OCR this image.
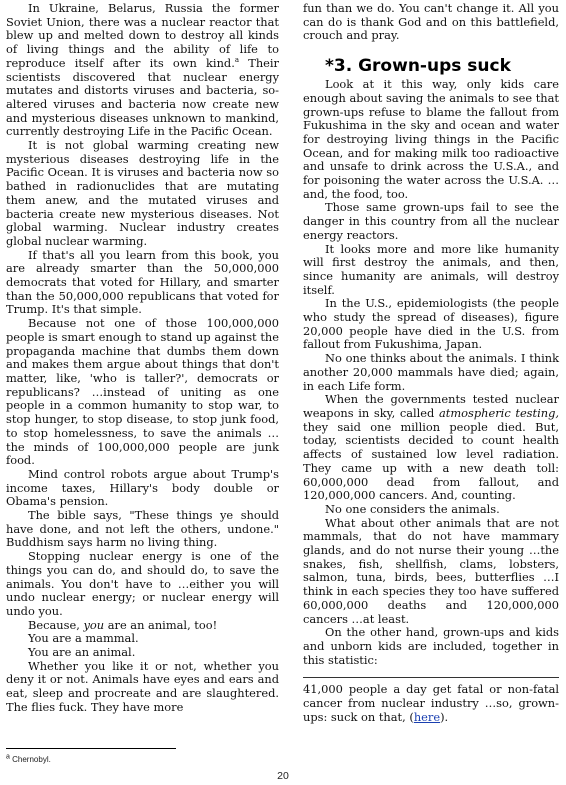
In Ukraine, Belarus, Russia the former Soviet Union, there was a nuclear reactor that blew up and melted down to destroy all kinds of living things and the ability of life to reproduce itself after its own kind.$^a$ Their scientists discovered that nuclear energy mutates and distorts viruses and bacteria, so-altered viruses and bacteria now create new and mysterious diseases unknown to mankind, currently destroying Life in the Pacific Ocean.

It is not global warming creating new mysterious diseases destroying life in the Pacific Ocean. It is viruses and bacteria now so bathed in radionuclides that are mutating them anew, and the mutated viruses and bacteria create new mysterious diseases. Not global warming. Nuclear industry creates global nuclear warming.

If that's all you learn from this book, you are already smarter than the 50,000,000 democrats that voted for Hillary, and smarter than the 50,000,000 republicans that voted for Trump. It's that simple.

Because not one of those 100,000,000 people is smart enough to stand up against the propaganda machine that dumbs them down and makes them argue about things that don't matter, like, 'who is taller?', democrats or republicans? …instead of uniting as one people in a common humanity to stop war, to stop hunger, to stop disease, to stop junk food, to stop homelessness, to save the animals …the minds of 100,000,000 people are junk food.

Mind control robots argue about Trump's income taxes, Hillary's body double or Obama's pension.

The bible says, "These things ye should have done, and not left the others, undone." Buddhism says harm no living thing.

Stopping nuclear energy is one of the things you can do, and should do, to save the animals. You don't have to …either you will undo nuclear energy; or nuclear energy will undo you.

Because, you are an animal, too!

You are a mammal.

You are an animal.

Whether you like it or not, whether you deny it or not. Animals have eyes and ears and eat, sleep and procreate and are slaughtered. The flies fuck. They have more

fun than we do. You can't change it. All you can do is thank God and on this battlefield, crouch and pray.

*3. Grown-ups suck

Look at it this way, only kids care enough about saving the animals to see that grown-ups refuse to blame the fallout from Fukushima in the sky and ocean and water for destroying living things in the Pacific Ocean, and for making milk too radioactive and unsafe to drink across the U.S.A., and for poisoning the water across the U.S.A. …and, the food, too.

Those same grown-ups fail to see the danger in this country from all the nuclear energy reactors.

It looks more and more like humanity will first destroy the animals, and then, since humanity are animals, will destroy itself.

In the U.S., epidemiologists (the people who study the spread of diseases), figure 20,000 people have died in the U.S. from fallout from Fukushima, Japan.

No one thinks about the animals. I think another 20,000 mammals have died; again, in each Life form.

When the governments tested nuclear weapons in sky, called atmospheric testing, they said one million people died. But, today, scientists decided to count health affects of sustained low level radiation. They came up with a new death toll: 60,000,000 dead from fallout, and 120,000,000 cancers. And, counting.

No one considers the animals.

What about other animals that are not mammals, that do not have mammary glands, and do not nurse their young …the snakes, fish, shellfish, clams, lobsters, salmon, tuna, birds, bees, butterflies …I think in each species they too have suffered 60,000,000 deaths and 120,000,000 cancers …at least.

On the other hand, grown-ups and kids and unborn kids are included, together in this statistic:

41,000 people a day get fatal or non-fatal cancer from nuclear industry …so, grown-ups: suck on that, (here).

a Chernobyl.
20
